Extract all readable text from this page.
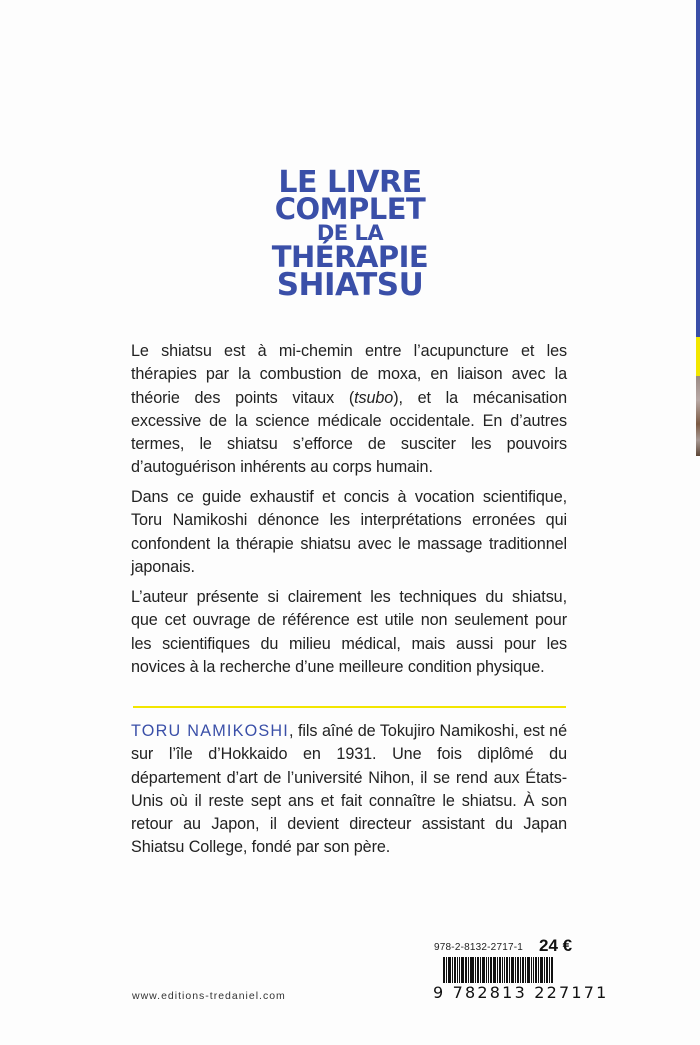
LE LIVRE
COMPLET
DE LA
THÉRAPIE
SHIATSU

Le shiatsu est à mi-chemin entre l’acupuncture et les thérapies par la combustion de moxa, en liaison avec la théorie des points vitaux (tsubo), et la mécanisation excessive de la science médicale occidentale. En d’autres termes, le shiatsu s’efforce de susciter les pouvoirs d’autoguérison inhérents au corps humain.

Dans ce guide exhaustif et concis à vocation scientifique, Toru Namikoshi dénonce les interprétations erronées qui confondent la thérapie shiatsu avec le massage traditionnel japonais.

L’auteur présente si clairement les techniques du shiatsu, que cet ouvrage de référence est utile non seulement pour les scientifiques du milieu médical, mais aussi pour les novices à la recherche d’une meilleure condition physique.

TORU NAMIKOSHI, fils aîné de Tokujiro Namikoshi, est né sur l’île d’Hokkaido en 1931. Une fois diplômé du département d’art de l’université Nihon, il se rend aux États-Unis où il reste sept ans et fait connaître le shiatsu. À son retour au Japon, il devient directeur assistant du Japan Shiatsu College, fondé par son père.

978-2-8132-2717-1 24 €
9 782813 227171
www.editions-tredaniel.com
